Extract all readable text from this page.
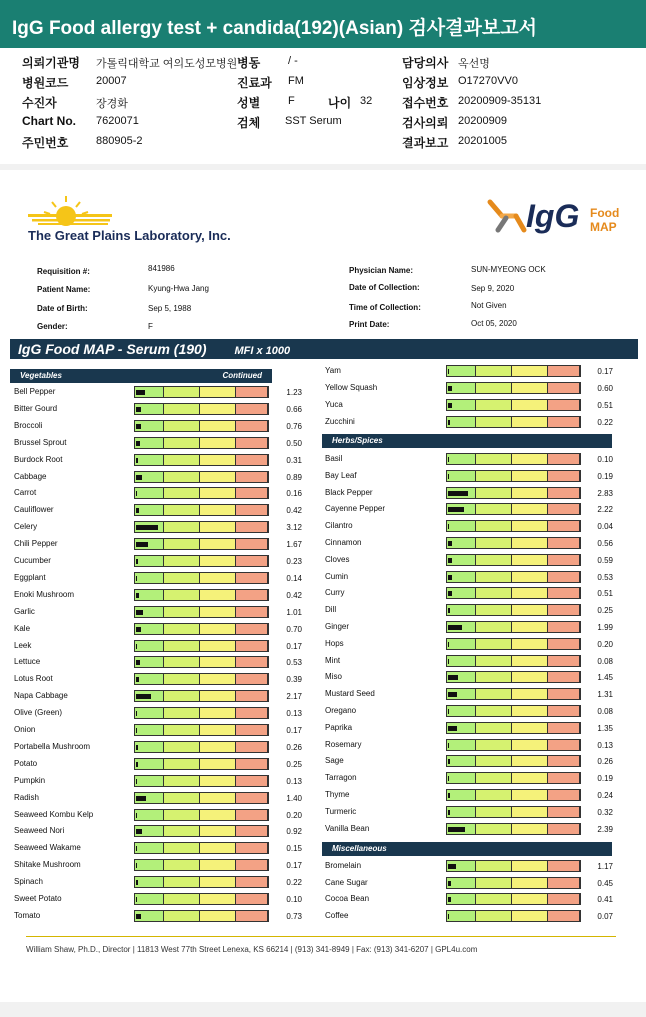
IgG Food allergy test + candida(192)(Asian) 검사결과보고서
의뢰기관명 가톨릭대학교 여의도성모병원 병동	/ -	담당의사 옥선명
병원코드	20007	진료과 FM	임상정보 O17270VV0
수진자	장경화	성별	F	나이 32 접수번호 20200909-35131
Chart No. 7620071	검체 SST Serum	검사의뢰 20200909
주민번호	880905-2	결과보고 20201005
The Great Plains Laboratory, Inc.
IgG Food
MAP
Requisition #:	841986
Patient Name:	Kyung-Hwa Jang
Date of Birth:	Sep 5, 1988
Gender:	F
Physician Name:	SUN-MYEONG OCK
Date of Collection:	Sep 9, 2020
Time of Collection:	Not Given
Print Date:	Oct 05, 2020
IgG Food MAP - Serum (190)	MFI x 1000
Vegetables	Continued
Bell Pepper	1.23
Bitter Gourd	0.66
Broccoli	0.76
Brussel Sprout	0.50
Burdock Root	0.31
Cabbage	0.89
Carrot	0.16
Cauliflower	0.42
Celery	3.12
Chili Pepper	1.67
Cucumber	0.23
Eggplant	0.14
Enoki Mushroom	0.42
Garlic	1.01
Kale	0.70
Leek	0.17
Lettuce	0.53
Lotus Root	0.39
Napa Cabbage	2.17
Olive (Green)	0.13
Onion	0.17
Portabella Mushroom	0.26
Potato	0.25
Pumpkin	0.13
Radish	1.40
Seaweed Kombu Kelp	0.20
Seaweed Nori	0.92
Seaweed Wakame	0.15
Shitake Mushroom	0.17
Spinach	0.22
Sweet Potato	0.10
Tomato	0.73
Yam	0.17
Yellow Squash	0.60
Yuca	0.51
Zucchini	0.22
Herbs/Spices
Basil	0.10
Bay Leaf	0.19
Black Pepper	2.83
Cayenne Pepper	2.22
Cilantro	0.04
Cinnamon	0.56
Cloves	0.59
Cumin	0.53
Curry	0.51
Dill	0.25
Ginger	1.99
Hops	0.20
Mint	0.08
Miso	1.45
Mustard Seed	1.31
Oregano	0.08
Paprika	1.35
Rosemary	0.13
Sage	0.26
Tarragon	0.19
Thyme	0.24
Turmeric	0.32
Vanilla Bean	2.39
Miscellaneous
Bromelain	1.17
Cane Sugar	0.45
Cocoa Bean	0.41
Coffee	0.07
William Shaw, Ph.D., Director | 11813 West 77th Street Lenexa, KS 66214 | (913) 341-8949 | Fax: (913) 341-6207 | GPL4u.com
